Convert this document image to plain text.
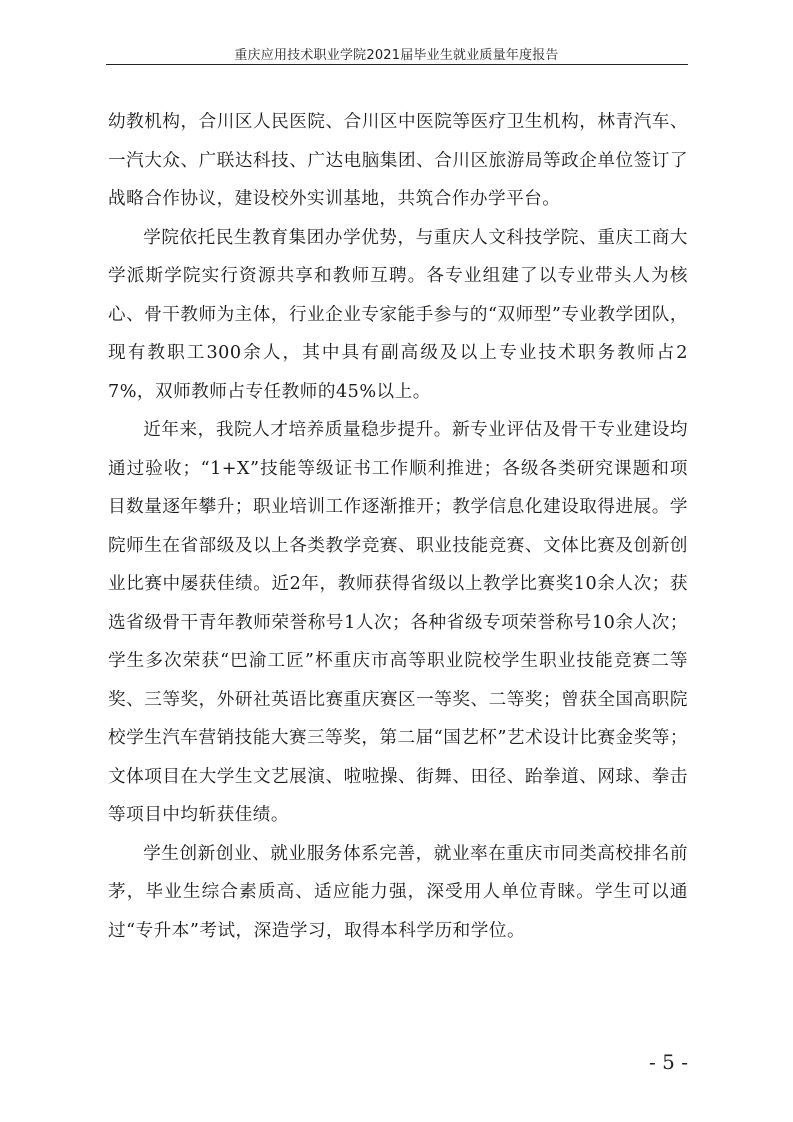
重庆应用技术职业学院2021届毕业生就业质量年度报告

幼教机构，合川区人民医院、合川区中医院等医疗卫生机构，林青汽车、一汽大众、广联达科技、广达电脑集团、合川区旅游局等政企单位签订了战略合作协议，建设校外实训基地，共筑合作办学平台。

学院依托民生教育集团办学优势，与重庆人文科技学院、重庆工商大学派斯学院实行资源共享和教师互聘。各专业组建了以专业带头人为核心、骨干教师为主体，行业企业专家能手参与的“双师型”专业教学团队，现有教职工300余人，其中具有副高级及以上专业技术职务教师占27%，双师教师占专任教师的45%以上。

近年来，我院人才培养质量稳步提升。新专业评估及骨干专业建设均通过验收；“1+X”技能等级证书工作顺利推进；各级各类研究课题和项目数量逐年攀升；职业培训工作逐渐推开；教学信息化建设取得进展。学院师生在省部级及以上各类教学竞赛、职业技能竞赛、文体比赛及创新创业比赛中屡获佳绩。近2年，教师获得省级以上教学比赛奖10余人次；获选省级骨干青年教师荣誉称号1人次；各种省级专项荣誉称号10余人次；学生多次荣获“巴渝工匠”杯重庆市高等职业院校学生职业技能竞赛二等奖、三等奖，外研社英语比赛重庆赛区一等奖、二等奖；曾获全国高职院校学生汽车营销技能大赛三等奖，第二届“国艺杯”艺术设计比赛金奖等；文体项目在大学生文艺展演、啦啦操、街舞、田径、跆拳道、网球、拳击等项目中均斩获佳绩。

学生创新创业、就业服务体系完善，就业率在重庆市同类高校排名前茅，毕业生综合素质高、适应能力强，深受用人单位青睐。学生可以通过“专升本”考试，深造学习，取得本科学历和学位。

- 5 -
